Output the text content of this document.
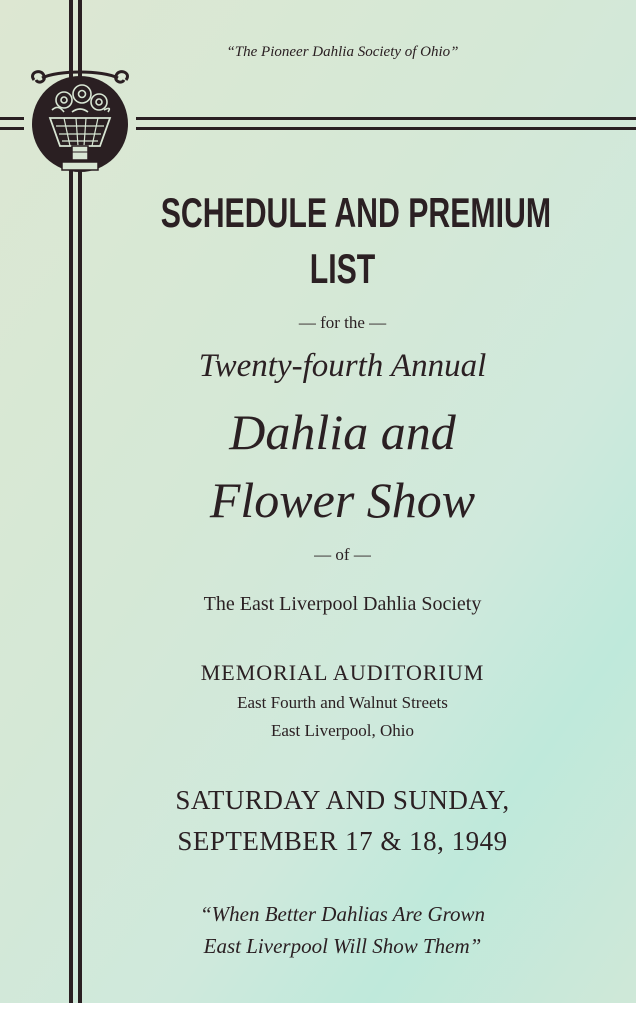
“The Pioneer Dahlia Society of Ohio”
SCHEDULE AND PREMIUM
LIST
— for the —
Twenty-fourth Annual
Dahlia and
Flower Show
— of —
The East Liverpool Dahlia Society
MEMORIAL AUDITORIUM
East Fourth and Walnut Streets
East Liverpool, Ohio
SATURDAY AND SUNDAY,
SEPTEMBER 17 & 18, 1949
“When Better Dahlias Are Grown
East Liverpool Will Show Them”
